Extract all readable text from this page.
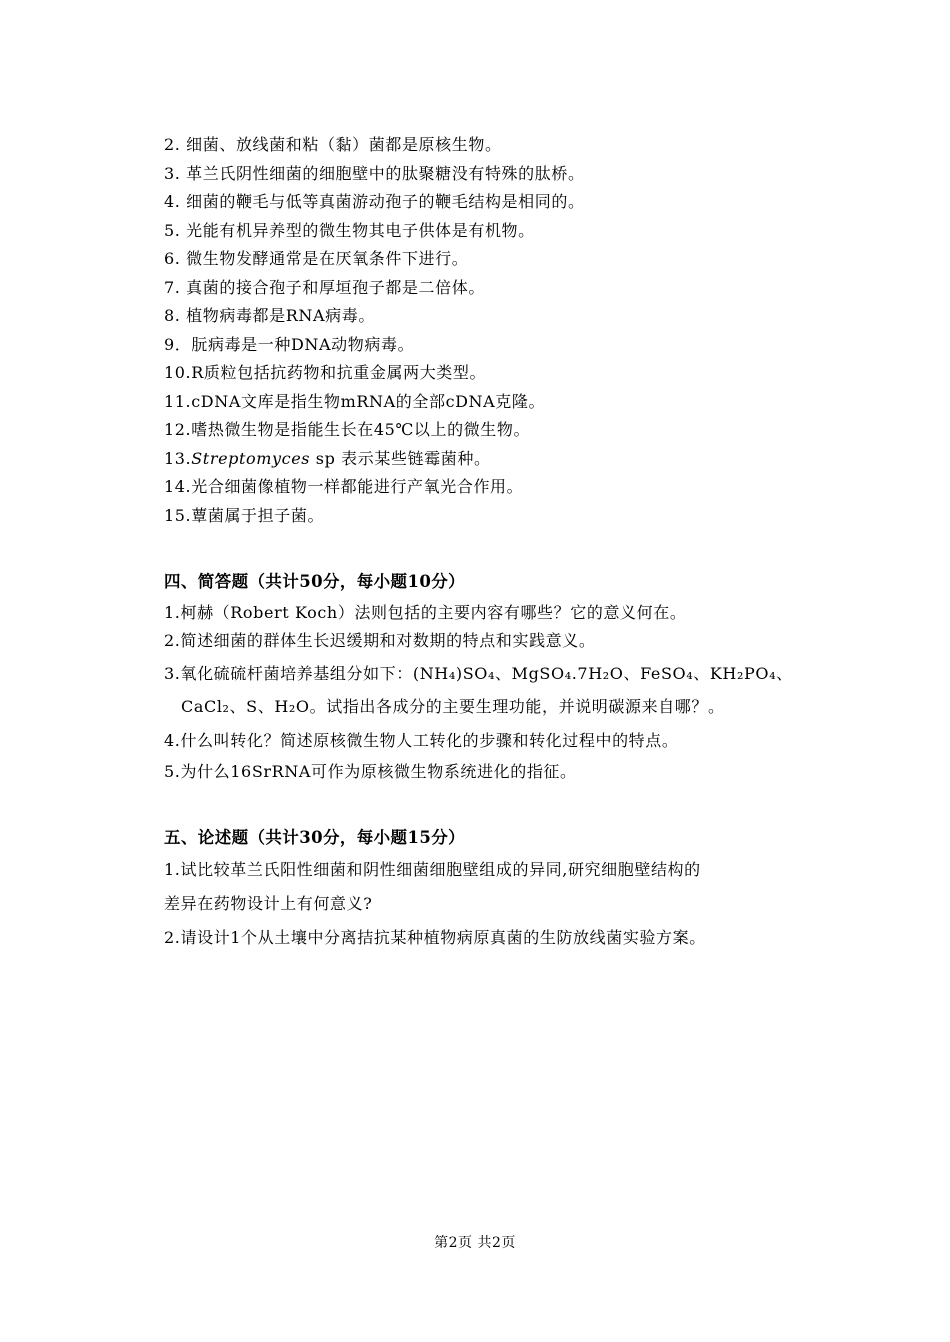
2. 细菌、放线菌和粘（黏）菌都是原核生物。
3. 革兰氏阴性细菌的细胞壁中的肽聚糖没有特殊的肽桥。
4. 细菌的鞭毛与低等真菌游动孢子的鞭毛结构是相同的。
5. 光能有机异养型的微生物其电子供体是有机物。
6. 微生物发酵通常是在厌氧条件下进行。
7. 真菌的接合孢子和厚垣孢子都是二倍体。
8. 植物病毒都是RNA病毒。
9．朊病毒是一种DNA动物病毒。
10.R质粒包括抗药物和抗重金属两大类型。
11.cDNA文库是指生物mRNA的全部cDNA克隆。
12.嗜热微生物是指能生长在45℃以上的微生物。
13.Streptomyces sp 表示某些链霉菌种。
14.光合细菌像植物一样都能进行产氧光合作用。
15.蕈菌属于担子菌。
四、简答题（共计50分，每小题10分）
1.柯赫（Robert Koch）法则包括的主要内容有哪些？它的意义何在。
2.简述细菌的群体生长迟缓期和对数期的特点和实践意义。
3.氧化硫硫杆菌培养基组分如下：(NH₄)SO₄、MgSO₄.7H₂O、FeSO₄、KH₂PO₄、
CaCl₂、S、H₂O。试指出各成分的主要生理功能，并说明碳源来自哪？。
4.什么叫转化？简述原核微生物人工转化的步骤和转化过程中的特点。
5.为什么16SrRNA可作为原核微生物系统进化的指征。
五、论述题（共计30分，每小题15分）
1.试比较革兰氏阳性细菌和阴性细菌细胞壁组成的异同,研究细胞壁结构的
差异在药物设计上有何意义?
2.请设计1个从土壤中分离拮抗某种植物病原真菌的生防放线菌实验方案。
第2页 共2页
